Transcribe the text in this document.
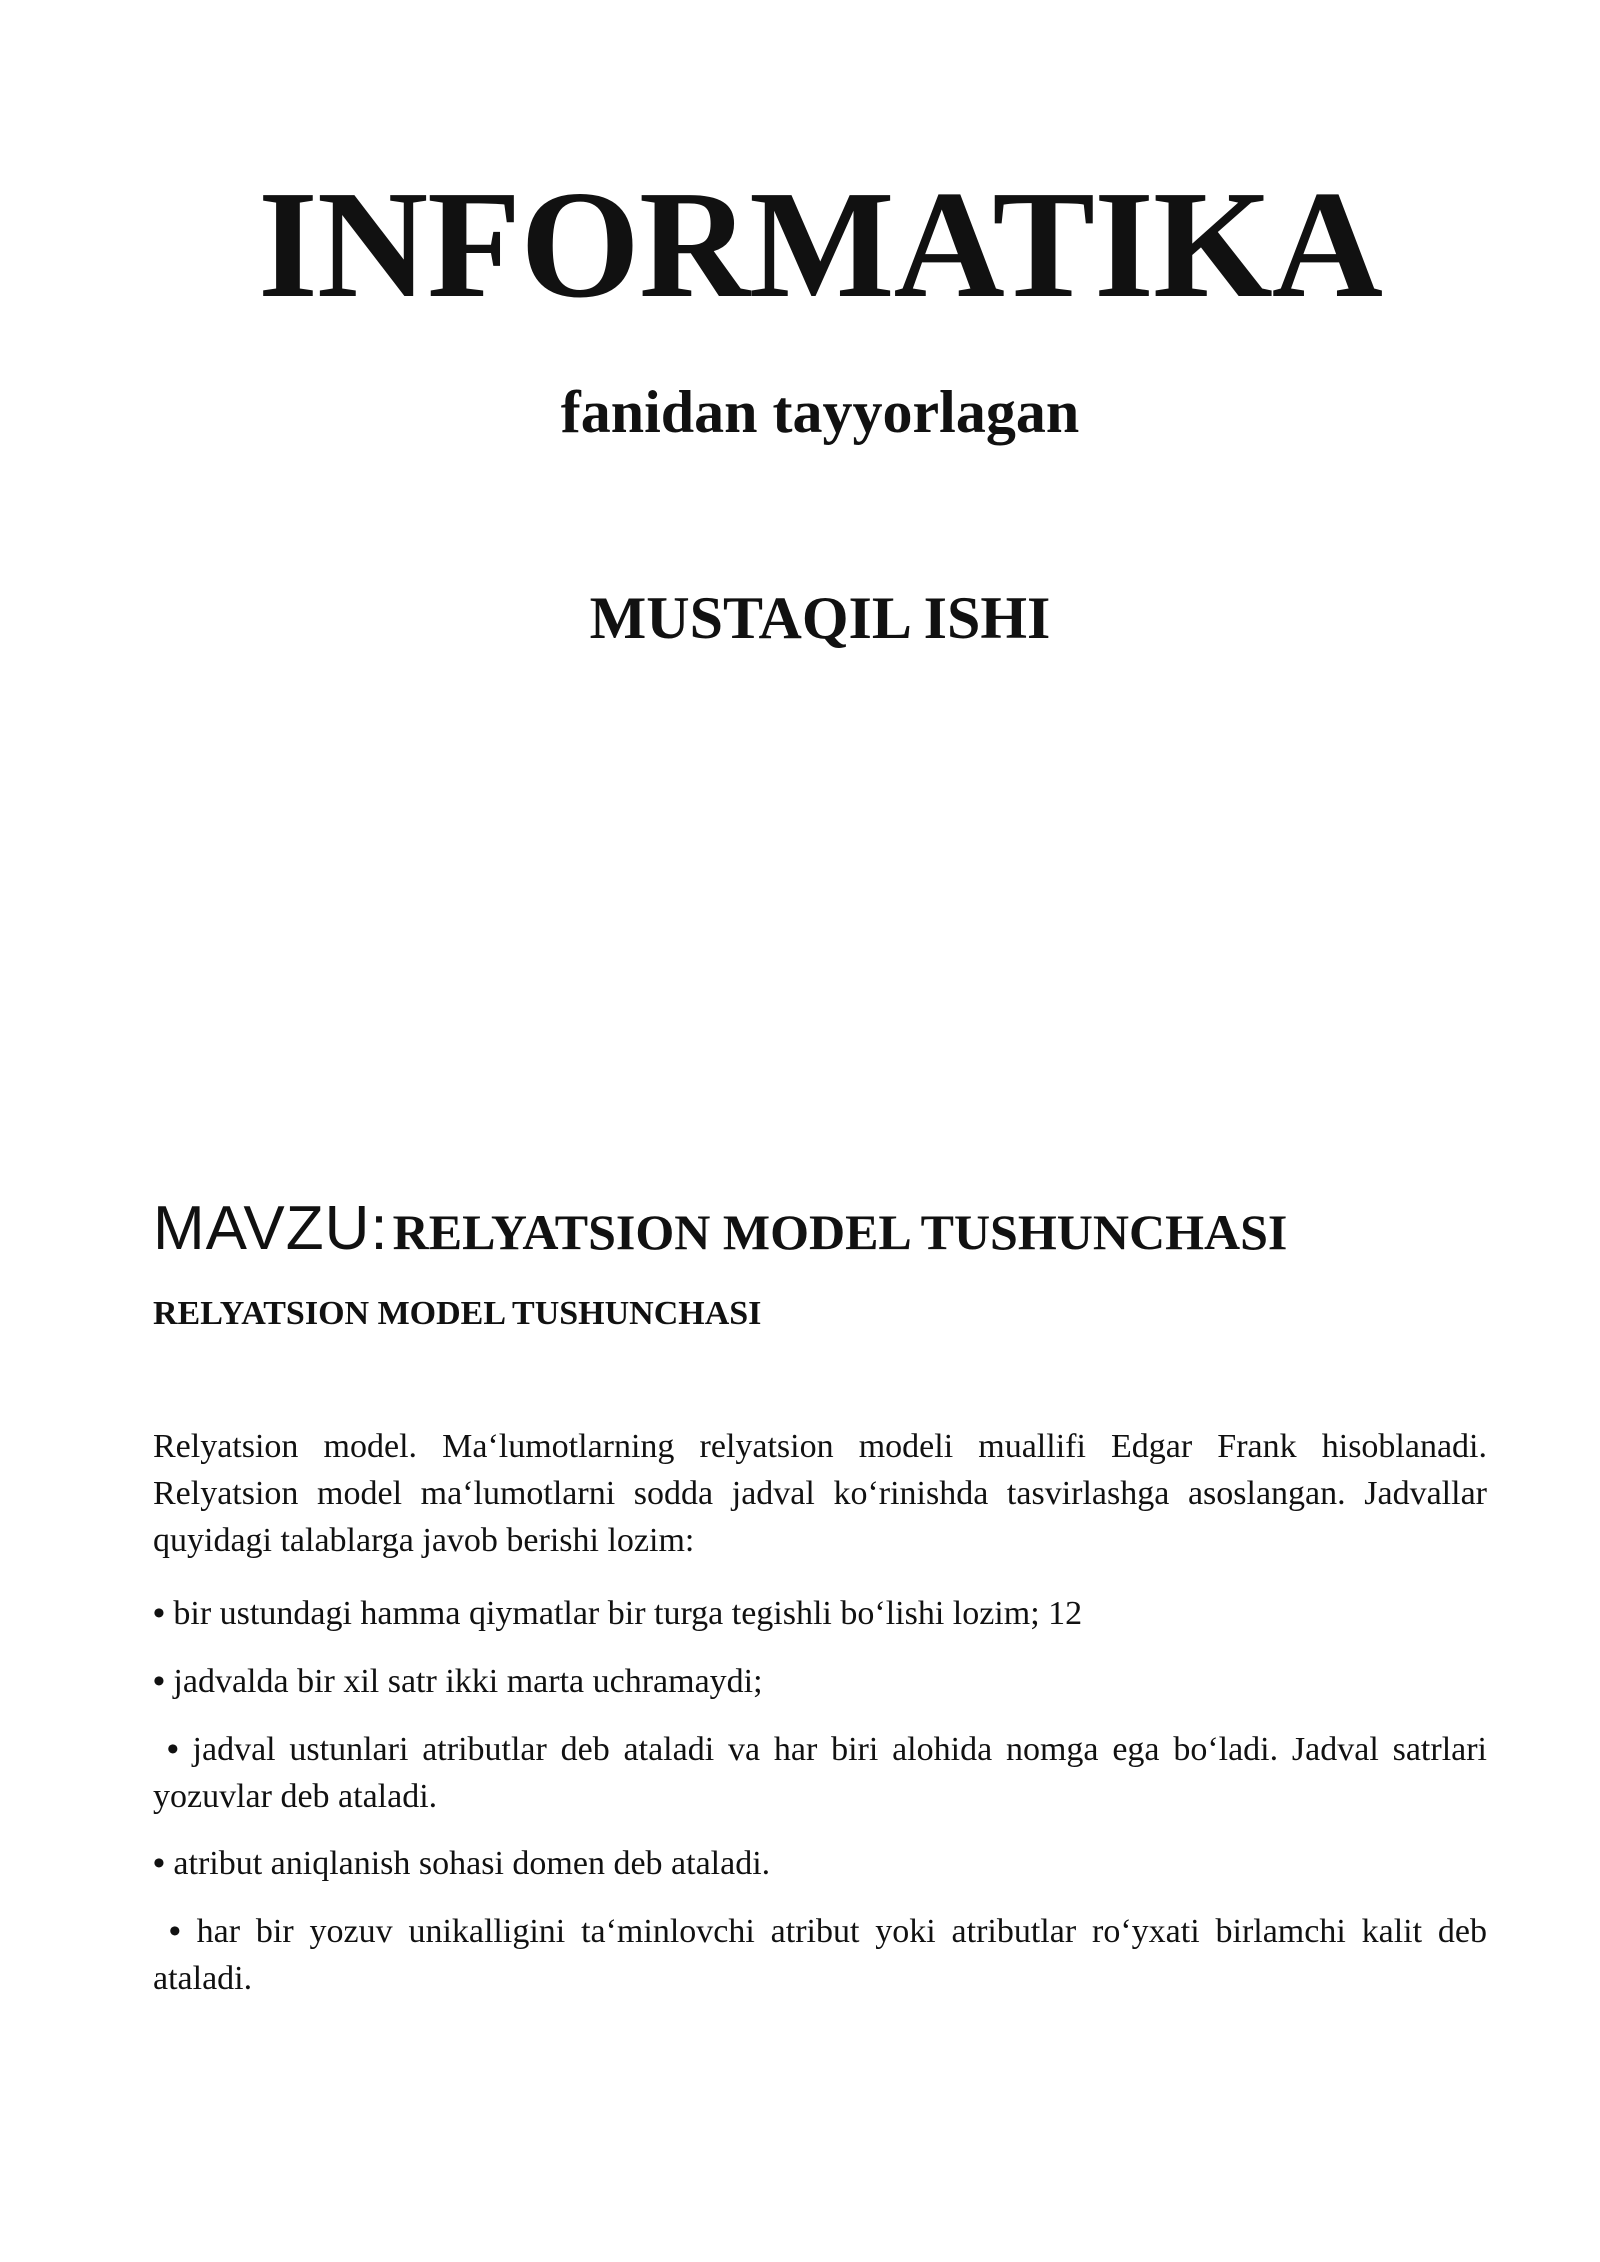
INFORMATIKA
fanidan tayyorlagan
MUSTAQIL ISHI
MAVZU: RELYATSION MODEL TUSHUNCHASI
RELYATSION MODEL TUSHUNCHASI
Relyatsion model. Ma‘lumotlarning relyatsion modeli muallifi Edgar Frank hisoblanadi. Relyatsion model ma‘lumotlarni sodda jadval ko‘rinishda tasvirlashga asoslangan. Jadvallar quyidagi talablarga javob berishi lozim:
• bir ustundagi hamma qiymatlar bir turga tegishli bo‘lishi lozim; 12
• jadvalda bir xil satr ikki marta uchramaydi;
• jadval ustunlari atributlar deb ataladi va har biri alohida nomga ega bo‘ladi. Jadval satrlari yozuvlar deb ataladi.
• atribut aniqlanish sohasi domen deb ataladi.
• har bir yozuv unikalligini ta‘minlovchi atribut yoki atributlar ro‘yxati birlamchi kalit deb ataladi.
